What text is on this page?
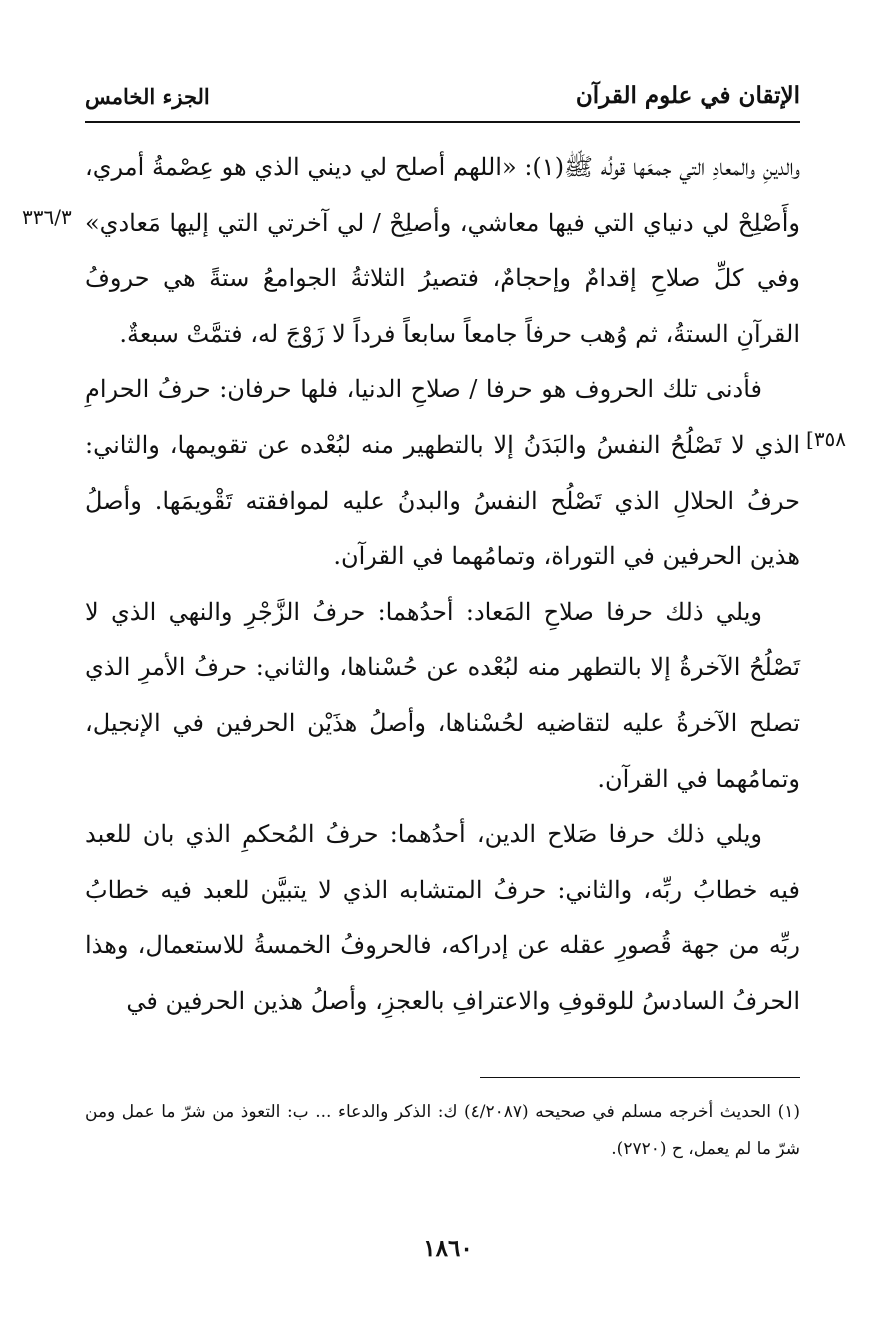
الإتقان في علوم القرآن
الجزء الخامس
٣٣٦/٣
[٣٥٨

والدينِ والمعادِ التي جمعَها قولُه ﷺ(١): «اللهم أصلح لي ديني الذي هو عِصْمةُ أمري، وأَصْلِحْ لي دنياي التي فيها معاشي، وأصلِحْ / لي آخرتي التي إليها مَعادي» وفي كلِّ صلاحِ إقدامٌ وإحجامٌ، فتصيرُ الثلاثةُ الجوامعُ ستةً هي حروفُ القرآنِ الستةُ، ثم وُهب حرفاً جامعاً سابعاً فرداً لا زَوْجَ له، فتمَّتْ سبعةٌ.

فأدنى تلك الحروف هو حرفا / صلاحِ الدنيا، فلها حرفان: حرفُ الحرامِ الذي لا تَصْلُحُ النفسُ والبَدَنُ إلا بالتطهير منه لبُعْده عن تقويمها، والثاني: حرفُ الحلالِ الذي تَصْلُح النفسُ والبدنُ عليه لموافقته تَقْويمَها. وأصلُ هذين الحرفين في التوراة، وتمامُهما في القرآن.

ويلي ذلك حرفا صلاحِ المَعاد: أحدُهما: حرفُ الزَّجْرِ والنهي الذي لا تَصْلُحُ الآخرةُ إلا بالتطهر منه لبُعْده عن حُسْناها، والثاني: حرفُ الأمرِ الذي تصلح الآخرةُ عليه لتقاضيه لحُسْناها، وأصلُ هذَيْن الحرفين في الإنجيل، وتمامُهما في القرآن.

ويلي ذلك حرفا صَلاح الدين، أحدُهما: حرفُ المُحكمِ الذي بان للعبد فيه خطابُ ربِّه، والثاني: حرفُ المتشابه الذي لا يتبيَّن للعبد فيه خطابُ ربِّه من جهة قُصورِ عقله عن إدراكه، فالحروفُ الخمسةُ للاستعمال، وهذا الحرفُ السادسُ للوقوفِ والاعترافِ بالعجزِ، وأصلُ هذين الحرفين في

(١) الحديث أخرجه مسلم في صحيحه (٤/٢٠٨٧) ك: الذكر والدعاء ... ب: التعوذ من شرّ ما عمل ومن شرّ ما لم يعمل، ح (٢٧٢٠).

١٨٦٠
